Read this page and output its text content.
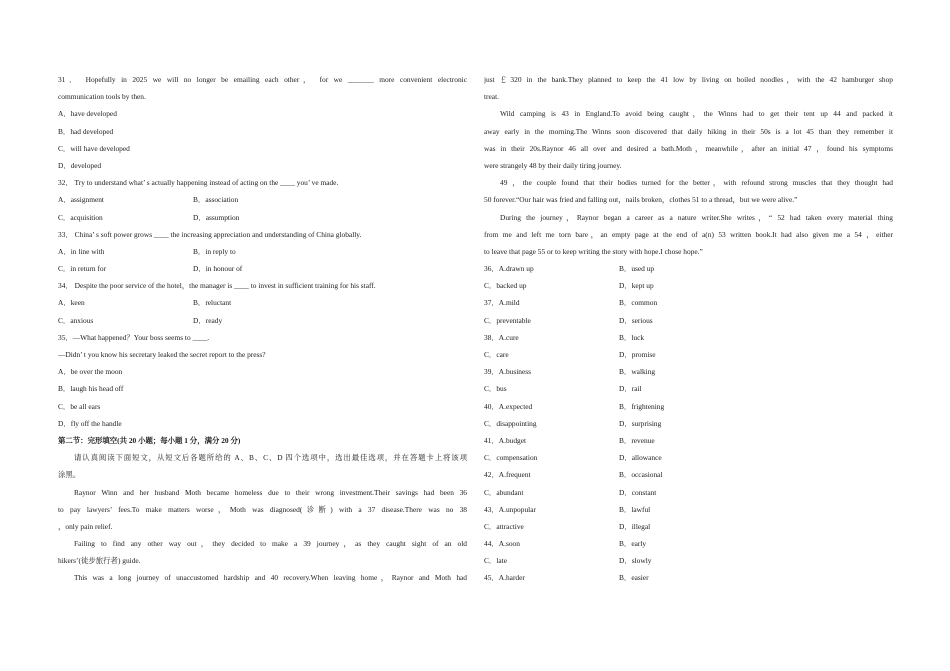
31． Hopefully in 2025 we will no longer be emailing each other， for we _______ more convenient electronic
communication tools by then.
A．have developed
B．had developed
C．will have developed
D．developed
32． Try to understand what’ s actually happening instead of acting on the ____ you’ ve made.
A．assignment	B．association
C．acquisition	D．assumption
33． China’ s soft power grows ____ the increasing appreciation and understanding of China globally.
A．in line with	B．in reply to
C．in return for	D．in honour of
34． Despite the poor service of the hotel，the manager is ____ to invest in sufficient training for his staff.
A．keen	B．reluctant
C．anxious	D．ready
35．—What happened？Your boss seems to ____.
—Didn’ t you know his secretary leaked the secret report to the press?
A．be over the moon
B．laugh his head off
C．be all ears
D．fly off the handle
第二节：完形填空(共 20 小题；每小题 1 分，满分 20 分)
请认真阅读下面短文，从短文后各题所给的 A、B、C、D 四个选项中，选出最佳选项，并在答题卡上将该项
涂黑。
Raynor Winn and her husband Moth became homeless due to their wrong investment.Their savings had been 36
to pay lawyers’ fees.To make matters worse，Moth was diagnosed(诊断) with a 37 disease.There was no 38
，only pain relief.
Failing to find any other way out，they decided to make a 39 journey，as they caught sight of an old
hikers’(徒步旅行者) guide.
This was a long journey of unaccustomed hardship and 40 recovery.When leaving home，Raynor and Moth had
just ￡320 in the bank.They planned to keep the 41 low by living on boiled noodles，with the 42 hamburger shop
treat.
Wild camping is 43 in England.To avoid being caught，the Winns had to get their tent up 44 and packed it
away early in the morning.The Winns soon discovered that daily hiking in their 50s is a lot 45 than they remember it
was in their 20s.Raynor 46 all over and desired a bath.Moth，meanwhile，after an initial 47 ，found his symptoms
were strangely 48 by their daily tiring journey.
49 ，the couple found that their bodies turned for the better，with refound strong muscles that they thought had
50 forever.“Our hair was fried and falling out，nails broken，clothes 51 to a thread，but we were alive.”
During the journey，Raynor began a career as a nature writer.She writes，“ 52 had taken every material thing
from me and left me torn bare，an empty page at the end of a(n) 53 written book.It had also given me a 54 ，either
to leave that page 55 or to keep writing the story with hope.I chose hope.”
36．A.drawn up	B．used up
C．backed up	D．kept up
37．A.mild	B．common
C．preventable	D．serious
38．A.cure	B．luck
C．care	D．promise
39．A.business	B．walking
C．bus	D．rail
40．A.expected	B．frightening
C．disappointing	D．surprising
41．A.budget	B．revenue
C．compensation	D．allowance
42．A.frequent	B．occasional
C．abundant	D．constant
43．A.unpopular	B．lawful
C．attractive	D．illegal
44．A.soon	B．early
C．late	D．slowly
45．A.harder	B．easier
